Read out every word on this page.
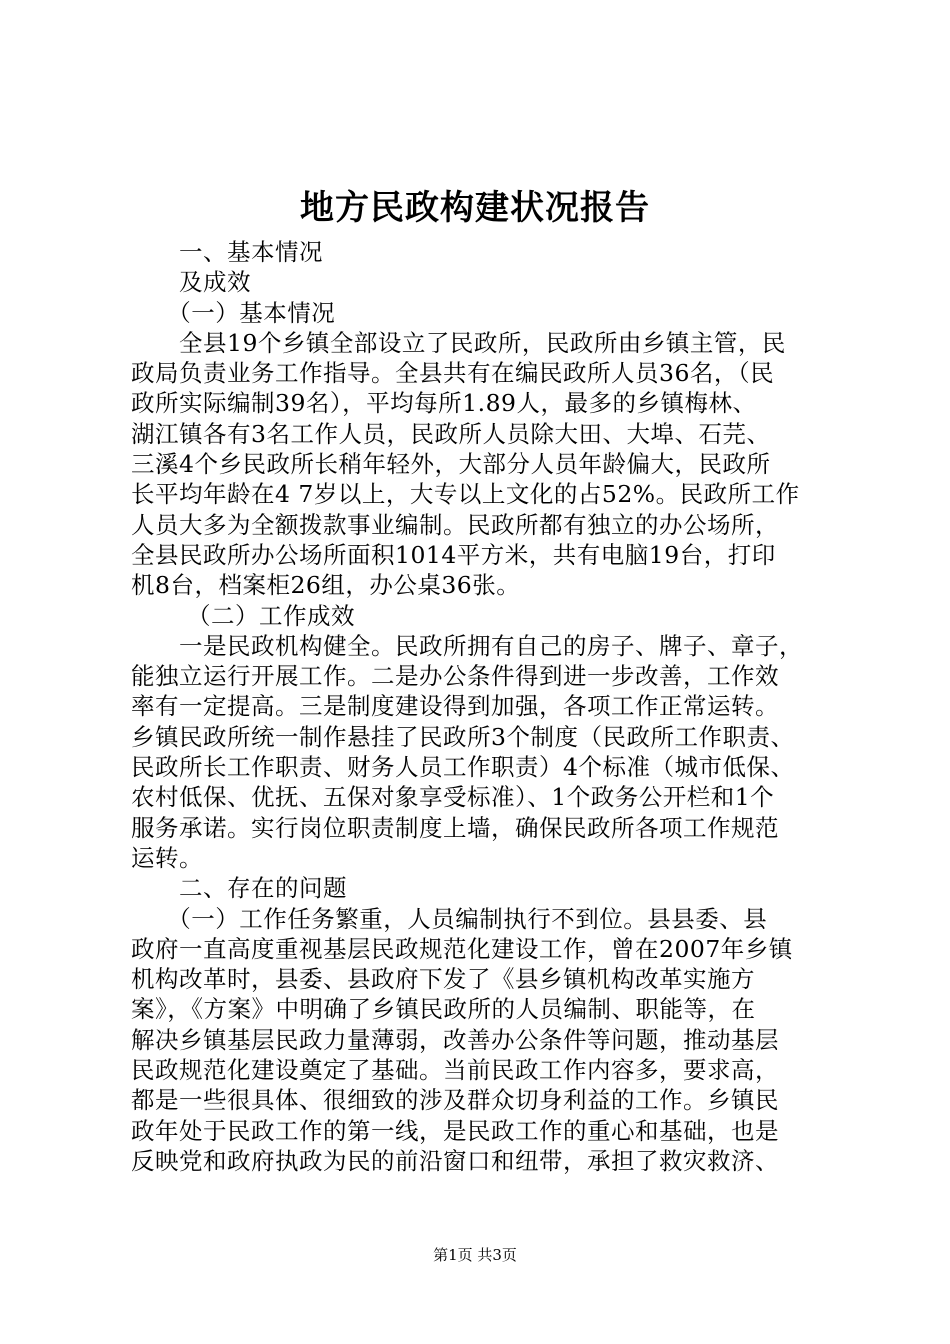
地方民政构建状况报告
　　一、基本情况
　　及成效
　　（一）基本情况
　　全县19个乡镇全部设立了民政所，民政所由乡镇主管，民
政局负责业务工作指导。全县共有在编民政所人员36名，（民
政所实际编制39名），平均每所1.89人，最多的乡镇梅林、
湖江镇各有3名工作人员，民政所人员除大田、大埠、石芫、
三溪4个乡民政所长稍年轻外，大部分人员年龄偏大，民政所
长平均年龄在4 7岁以上，大专以上文化的占52%。民政所工作
人员大多为全额拨款事业编制。民政所都有独立的办公场所，
全县民政所办公场所面积1014平方米，共有电脑19台，打印
机8台，档案柜26组，办公桌36张。
　　 （二）工作成效
　　一是民政机构健全。民政所拥有自己的房子、牌子、章子，
能独立运行开展工作。二是办公条件得到进一步改善，工作效
率有一定提高。三是制度建设得到加强，各项工作正常运转。
乡镇民政所统一制作悬挂了民政所3个制度（民政所工作职责、
民政所长工作职责、财务人员工作职责）4个标准（城市低保、
农村低保、优抚、五保对象享受标准）、1个政务公开栏和1个
服务承诺。实行岗位职责制度上墙，确保民政所各项工作规范
运转。
　　二、存在的问题
　　（一）工作任务繁重，人员编制执行不到位。县县委、县
政府一直高度重视基层民政规范化建设工作，曾在2007年乡镇
机构改革时，县委、县政府下发了《县乡镇机构改革实施方
案》，《方案》中明确了乡镇民政所的人员编制、职能等，在
解决乡镇基层民政力量薄弱，改善办公条件等问题，推动基层
民政规范化建设奠定了基础。当前民政工作内容多，要求高，
都是一些很具体、很细致的涉及群众切身利益的工作。乡镇民
政年处于民政工作的第一线，是民政工作的重心和基础，也是
反映党和政府执政为民的前沿窗口和纽带，承担了救灾救济、
第1页 共3页
